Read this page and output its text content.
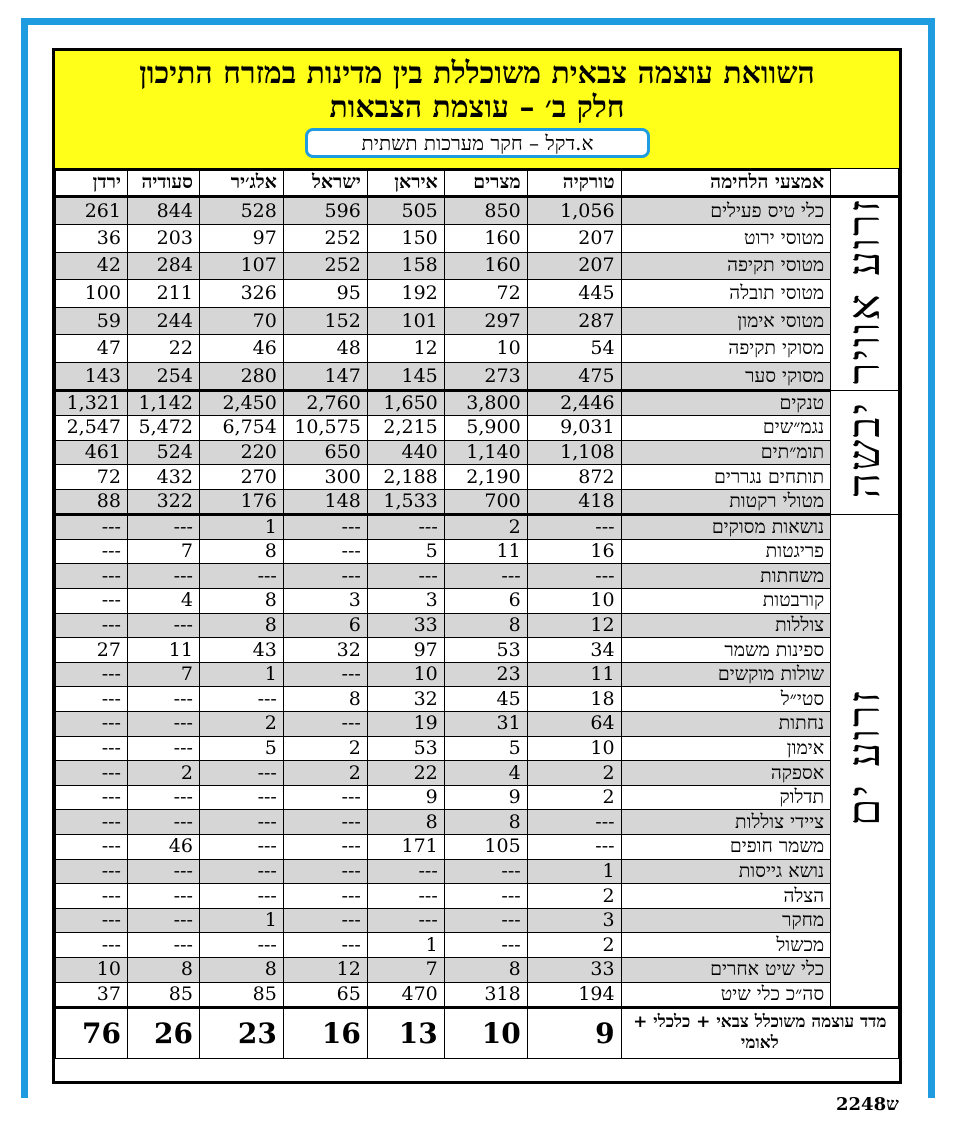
השוואת עוצמה צבאית משוכללת בין מדינות במזרח התיכון
חלק ב׳ – עוצמת הצבאות
א.דקל – חקר מערכות תשתית
ירדן	סעודיה	אלג׳יר	ישראל	איראן	מצרים	טורקיה	אמצעי הלחימה	
261	844	528	596	505	850	1,056	כלי טיס פעילים	זרוע אוויר
36	203	97	252	150	160	207	מטוסי ירוט	
42	284	107	252	158	160	207	מטוסי תקיפה	
100	211	326	95	192	72	445	מטוסי תובלה	
59	244	70	152	101	297	287	מטוסי אימון	
47	22	46	48	12	10	54	מסוקי תקיפה	
143	254	280	147	145	273	475	מסוקי סער	
1,321	1,142	2,450	2,760	1,650	3,800	2,446	טנקים	יבשה
2,547	5,472	6,754	10,575	2,215	5,900	9,031	נגמ״שים	
461	524	220	650	440	1,140	1,108	תומ״תים	
72	432	270	300	2,188	2,190	872	תותחים נגררים	
88	322	176	148	1,533	700	418	מטולי רקטות	
---	---	1	---	---	2	---	נושאות מסוקים	זרוע ים
---	7	8	---	5	11	16	פריגטות	
---	---	---	---	---	---	---	משחתות	
---	4	8	3	3	6	10	קורבטות	
---	---	8	6	33	8	12	צוללות	
27	11	43	32	97	53	34	ספינות משמר	
---	7	1	---	10	23	11	שולות מוקשים	
---	---	---	8	32	45	18	סטי״ל	
---	---	2	---	19	31	64	נחתות	
---	---	5	2	53	5	10	אימון	
---	2	---	2	22	4	2	אספקה	
---	---	---	---	9	9	2	תדלוק	
---	---	---	---	8	8	---	ציידי צוללות	
---	46	---	---	171	105	---	משמר חופים	
---	---	---	---	---	---	1	נושא גייסות	
---	---	---	---	---	---	2	הצלה	
---	---	1	---	---	---	3	מחקר	
---	---	---	---	1	---	2	מכשול	
10	8	8	12	7	8	33	כלי שיט אחרים	
37	85	85	65	470	318	194	סה״כ כלי שיט	
76	26	23	16	13	10	9	מדד עוצמה משוכלל צבאי + כלכלי + לאומי	
ש2248
